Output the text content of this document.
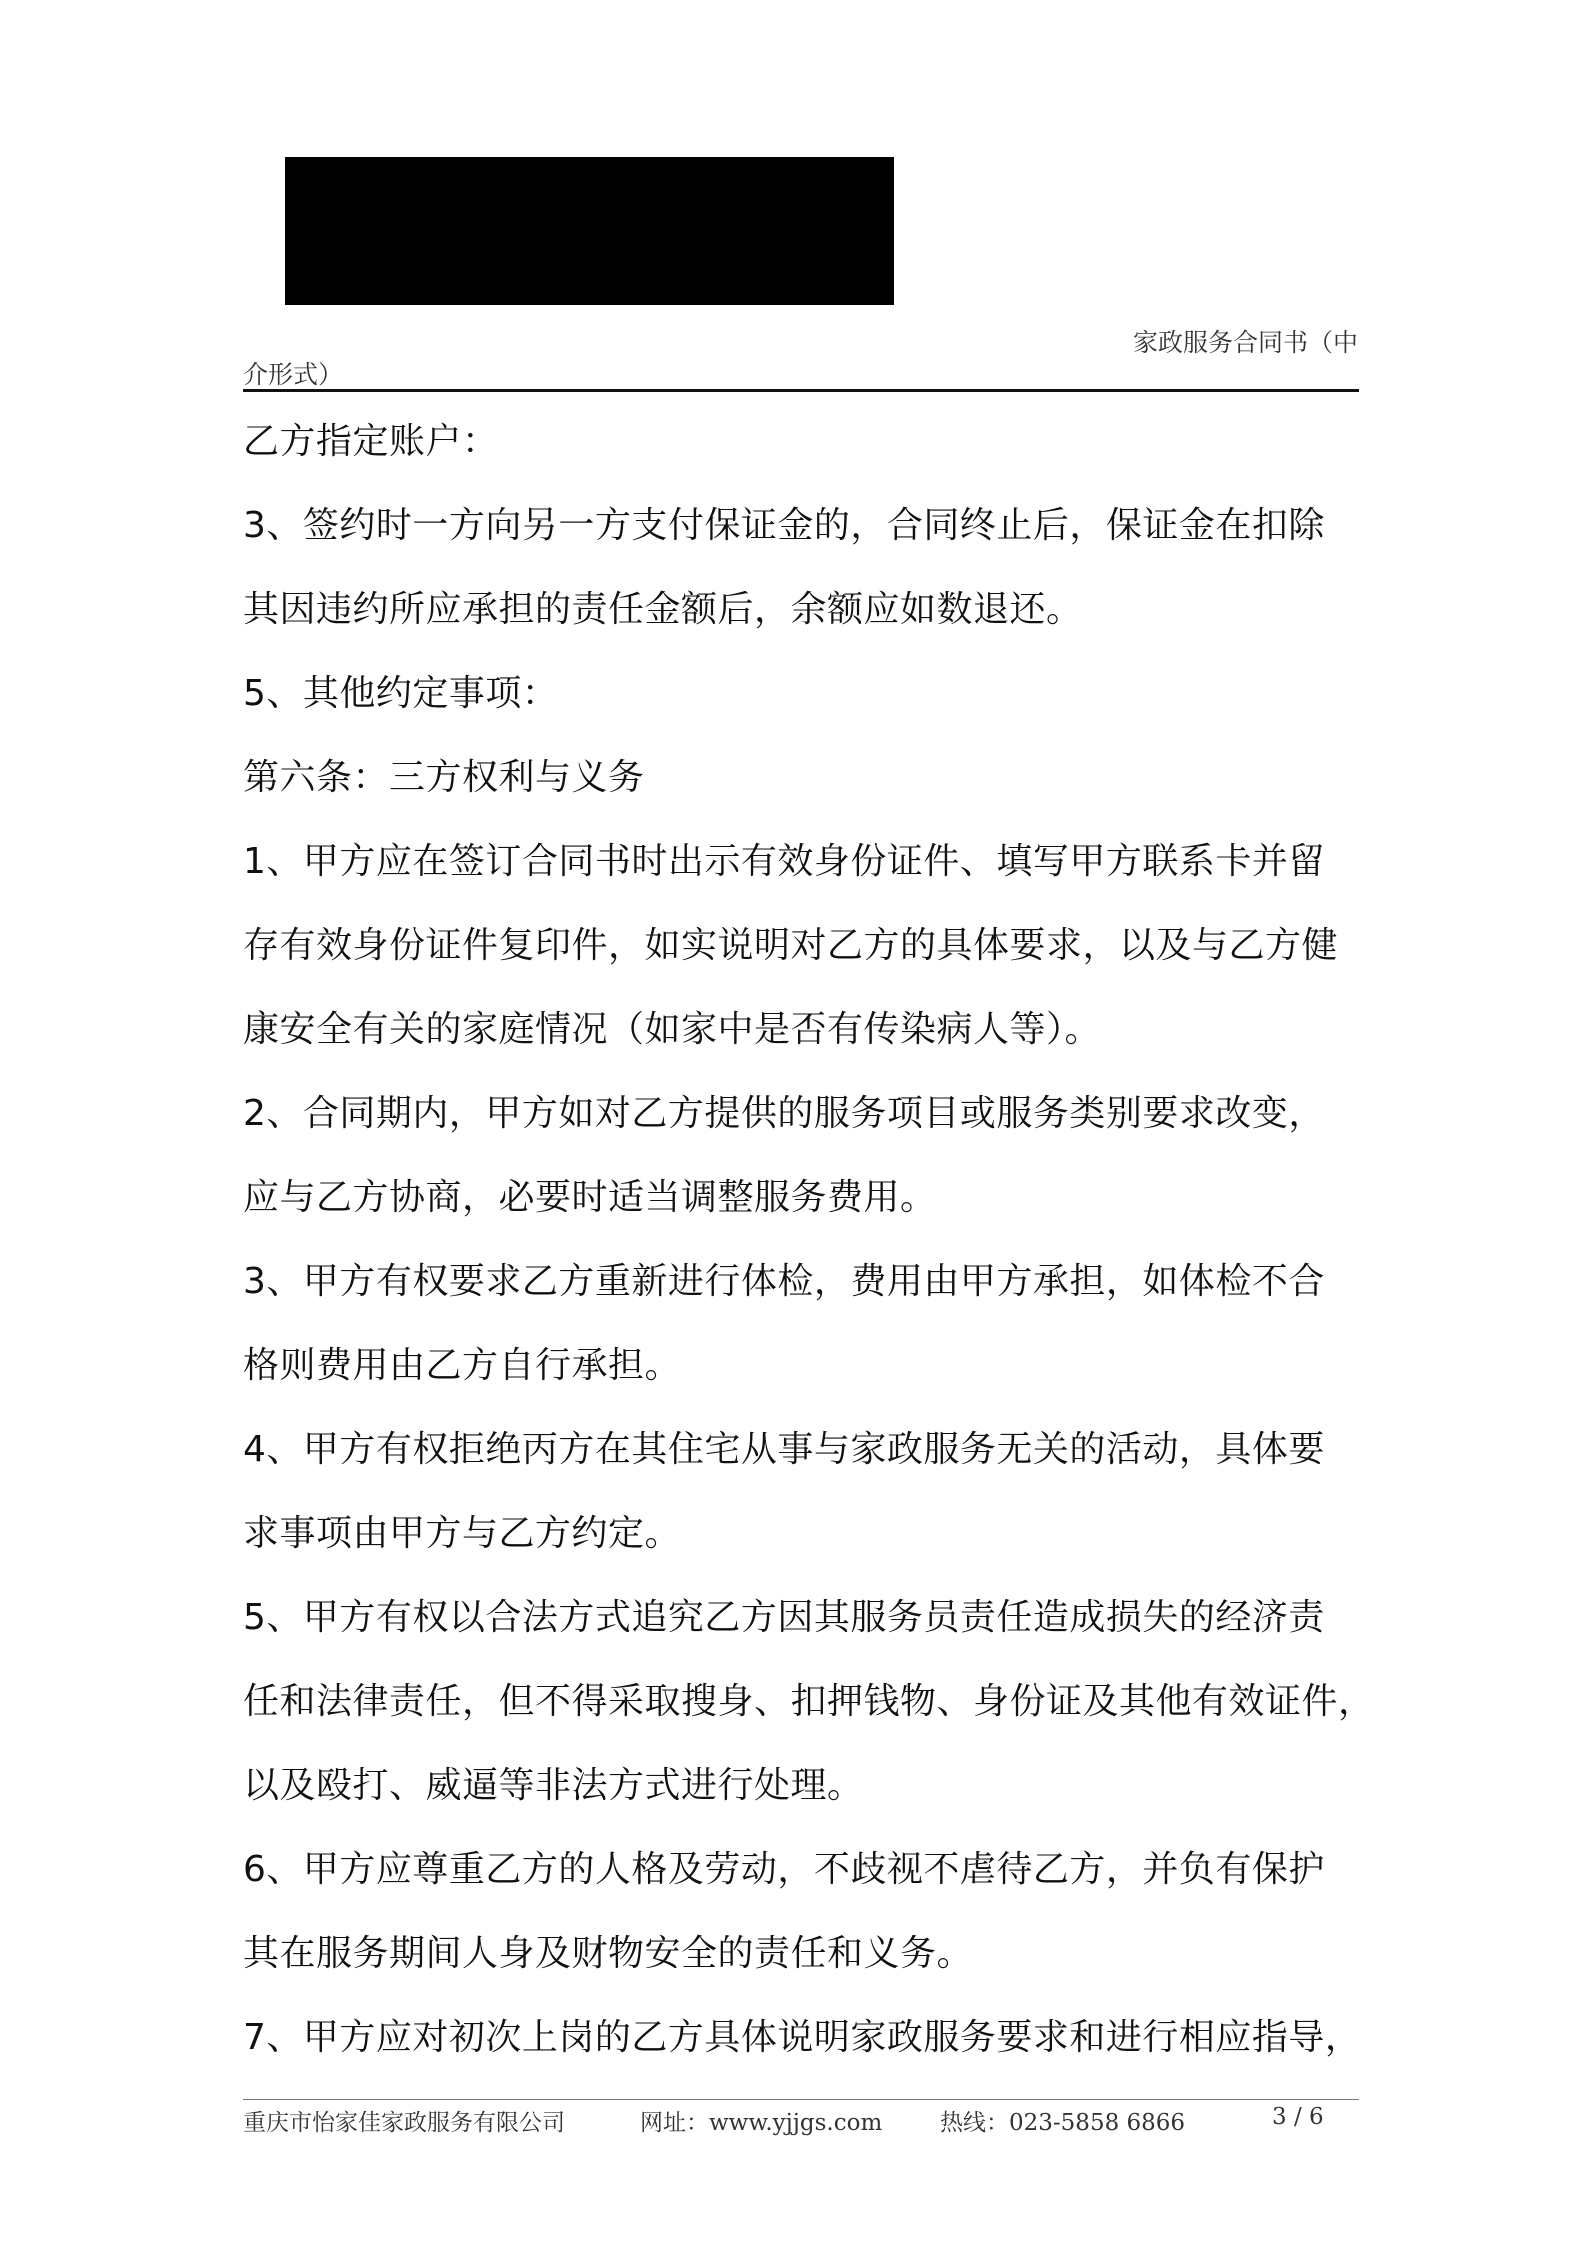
家政服务合同书（中
介形式）
乙方指定账户：
3、签约时一方向另一方支付保证金的，合同终止后，保证金在扣除
其因违约所应承担的责任金额后，余额应如数退还。
5、其他约定事项：
第六条：三方权利与义务
1、甲方应在签订合同书时出示有效身份证件、填写甲方联系卡并留
存有效身份证件复印件，如实说明对乙方的具体要求，以及与乙方健
康安全有关的家庭情况（如家中是否有传染病人等）。
2、合同期内，甲方如对乙方提供的服务项目或服务类别要求改变，
应与乙方协商，必要时适当调整服务费用。
3、甲方有权要求乙方重新进行体检，费用由甲方承担，如体检不合
格则费用由乙方自行承担。
4、甲方有权拒绝丙方在其住宅从事与家政服务无关的活动，具体要
求事项由甲方与乙方约定。
5、甲方有权以合法方式追究乙方因其服务员责任造成损失的经济责
任和法律责任，但不得采取搜身、扣押钱物、身份证及其他有效证件，
以及殴打、威逼等非法方式进行处理。
6、甲方应尊重乙方的人格及劳动，不歧视不虐待乙方，并负有保护
其在服务期间人身及财物安全的责任和义务。
7、甲方应对初次上岗的乙方具体说明家政服务要求和进行相应指导，
重庆市怡家佳家政服务有限公司	网址：www.yjjgs.com	热线：023-5858 6866	3 / 6
